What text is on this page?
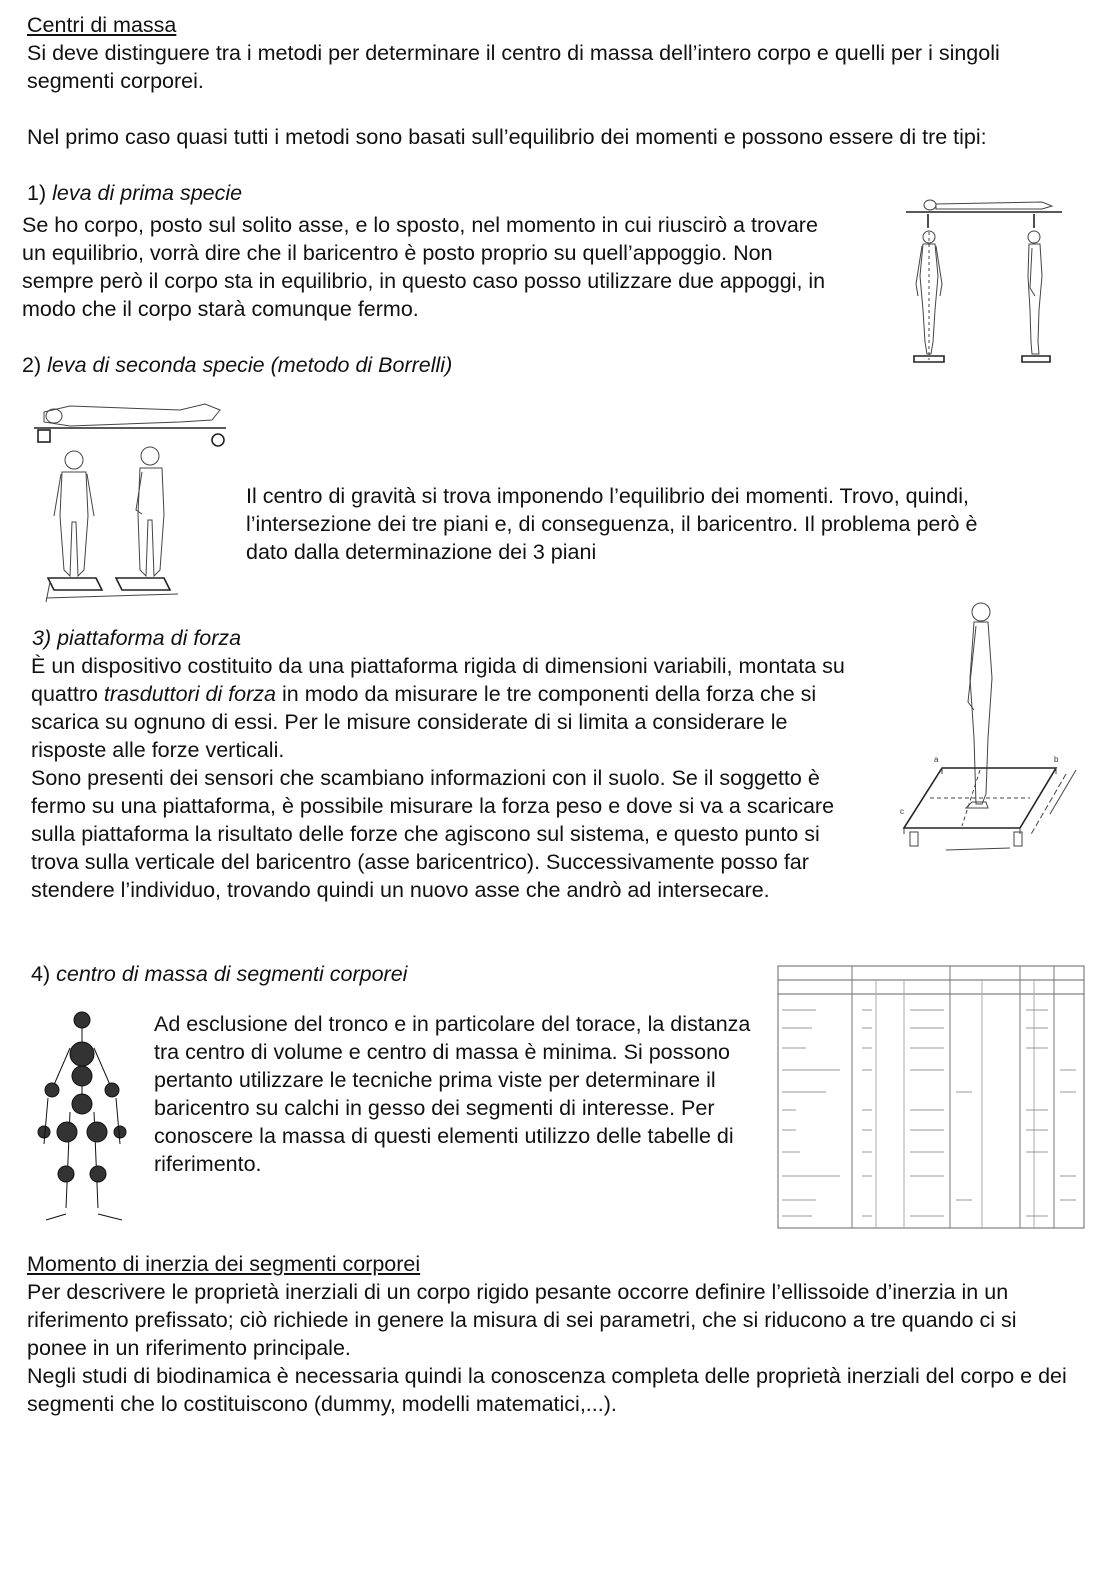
Centri di massa

Si deve distinguere tra i metodi per determinare il centro di massa dell’intero corpo e quelli per i singoli segmenti corporei.

Nel primo caso quasi tutti i metodi sono basati sull’equilibrio dei momenti e possono essere di tre tipi:

1) leva di prima specie

Se ho corpo, posto sul solito asse, e lo sposto, nel momento in cui riuscirò a trovare un equilibrio, vorrà dire che il baricentro è posto proprio su quell’appoggio. Non sempre però il corpo sta in equilibrio, in questo caso posso utilizzare due appoggi, in modo che il corpo starà comunque fermo.

2) leva di seconda specie (metodo di Borrelli)

Il centro di gravità si trova imponendo l’equilibrio dei momenti. Trovo, quindi, l’intersezione dei tre piani e, di conseguenza, il baricentro. Il problema però è dato dalla determinazione dei 3 piani

3) piattaforma di forza

È un dispositivo costituito da una piattaforma rigida di dimensioni variabili, montata su quattro trasduttori di forza in modo da misurare le tre componenti della forza che si scarica su ognuno di essi. Per le misure considerate di si limita a considerare le risposte alle forze verticali.

Sono presenti dei sensori che scambiano informazioni con il suolo. Se il soggetto è fermo su una piattaforma, è possibile misurare la forza peso e dove si va a scaricare sulla piattaforma la risultato delle forze che agiscono sul sistema, e questo punto si trova sulla verticale del baricentro (asse baricentrico). Successivamente posso far stendere l’individuo, trovando quindi un nuovo asse che andrò ad intersecare.

a	b
c

4) centro di massa di segmenti corporei

Ad esclusione del tronco e in particolare del torace, la distanza tra centro di volume e centro di massa è minima. Si possono pertanto utilizzare le tecniche prima viste per determinare il baricentro su calchi in gesso dei segmenti di interesse. Per conoscere la massa di questi elementi utilizzo delle tabelle di riferimento.

Momento di inerzia dei segmenti corporei

Per descrivere le proprietà inerziali di un corpo rigido pesante occorre definire l’ellissoide d’inerzia in un riferimento prefissato; ciò richiede in genere la misura di sei parametri, che si riducono a tre quando ci si ponee in un riferimento principale.

Negli studi di biodinamica è necessaria quindi la conoscenza completa delle proprietà inerziali del corpo e dei segmenti che lo costituiscono (dummy, modelli matematici,...).
